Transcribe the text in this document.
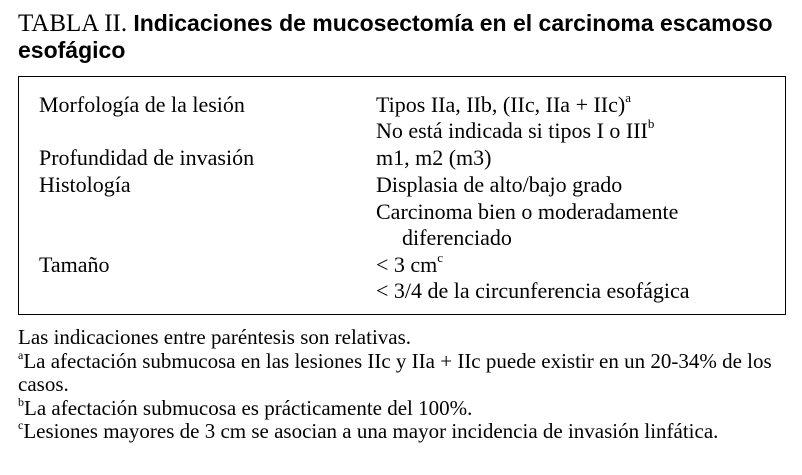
TABLA II. Indicaciones de mucosectomía en el carcinoma escamoso esofágico
Morfología de la lesión	Tipos IIa, IIb, (IIc, IIa + IIc)$^a$
No está indicada si tipos I o III$^b$
Profundidad de invasión	m1, m2 (m3)
Histología	Displasia de alto/bajo grado
Carcinoma bien o moderadamente
diferenciado
Tamaño	< 3 $cm^c$
< 3/4 de la circunferencia esofágica

Las indicaciones entre paréntesis son relativas.

$^a$La afectación submucosa en las lesiones IIc y IIa + IIc puede existir en un 20-34% de los casos.

$^b$La afectación submucosa es prácticamente del 100%.

$^c$Lesiones mayores de 3 cm se asocian a una mayor incidencia de invasión linfática.
